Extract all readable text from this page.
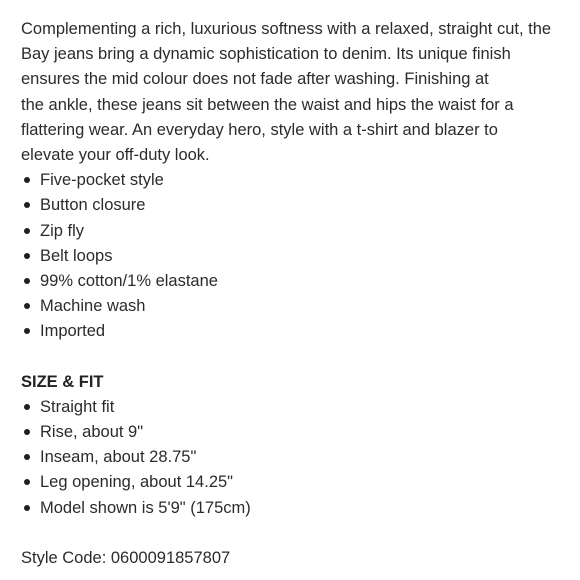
Complementing a rich, luxurious softness with a relaxed, straight cut, the
Bay jeans bring a dynamic sophistication to denim. Its unique finish
ensures the mid colour does not fade after washing. Finishing at
the ankle, these jeans sit between the waist and hips the waist for a
flattering wear. An everyday hero, style with a t-shirt and blazer to
elevate your off-duty look.
Five-pocket style
Button closure
Zip fly
Belt loops
99% cotton/1% elastane
Machine wash
Imported
SIZE & FIT
Straight fit
Rise, about 9"
Inseam, about 28.75"
Leg opening, about 14.25"
Model shown is 5'9" (175cm)
Style Code: 0600091857807
